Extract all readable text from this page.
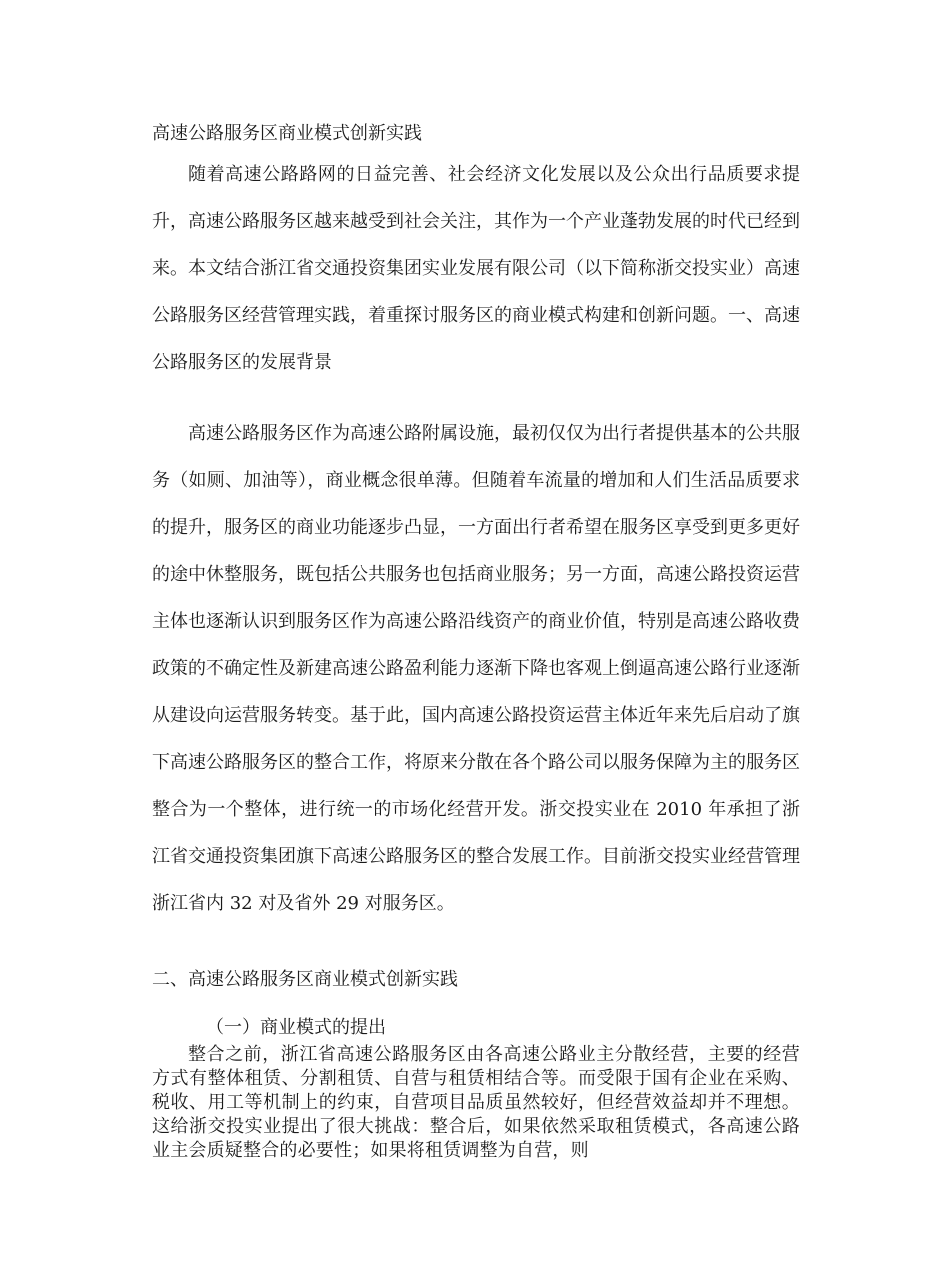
高速公路服务区商业模式创新实践

随着高速公路路网的日益完善、社会经济文化发展以及公众出行品质要求提升，高速公路服务区越来越受到社会关注，其作为一个产业蓬勃发展的时代已经到来。本文结合浙江省交通投资集团实业发展有限公司（以下简称浙交投实业）高速公路服务区经营管理实践，着重探讨服务区的商业模式构建和创新问题。一、高速公路服务区的发展背景

高速公路服务区作为高速公路附属设施，最初仅仅为出行者提供基本的公共服务（如厕、加油等），商业概念很单薄。但随着车流量的增加和人们生活品质要求的提升，服务区的商业功能逐步凸显，一方面出行者希望在服务区享受到更多更好的途中休整服务，既包括公共服务也包括商业服务；另一方面，高速公路投资运营主体也逐渐认识到服务区作为高速公路沿线资产的商业价值，特别是高速公路收费政策的不确定性及新建高速公路盈利能力逐渐下降也客观上倒逼高速公路行业逐渐从建设向运营服务转变。基于此，国内高速公路投资运营主体近年来先后启动了旗下高速公路服务区的整合工作，将原来分散在各个路公司以服务保障为主的服务区整合为一个整体，进行统一的市场化经营开发。浙交投实业在 2010 年承担了浙江省交通投资集团旗下高速公路服务区的整合发展工作。目前浙交投实业经营管理浙江省内 32 对及省外 29 对服务区。

二、高速公路服务区商业模式创新实践
（一）商业模式的提出

整合之前，浙江省高速公路服务区由各高速公路业主分散经营，主要的经营方式有整体租赁、分割租赁、自营与租赁相结合等。而受限于国有企业在采购、税收、用工等机制上的约束，自营项目品质虽然较好，但经营效益却并不理想。这给浙交投实业提出了很大挑战：整合后，如果依然采取租赁模式，各高速公路业主会质疑整合的必要性；如果将租赁调整为自营，则
